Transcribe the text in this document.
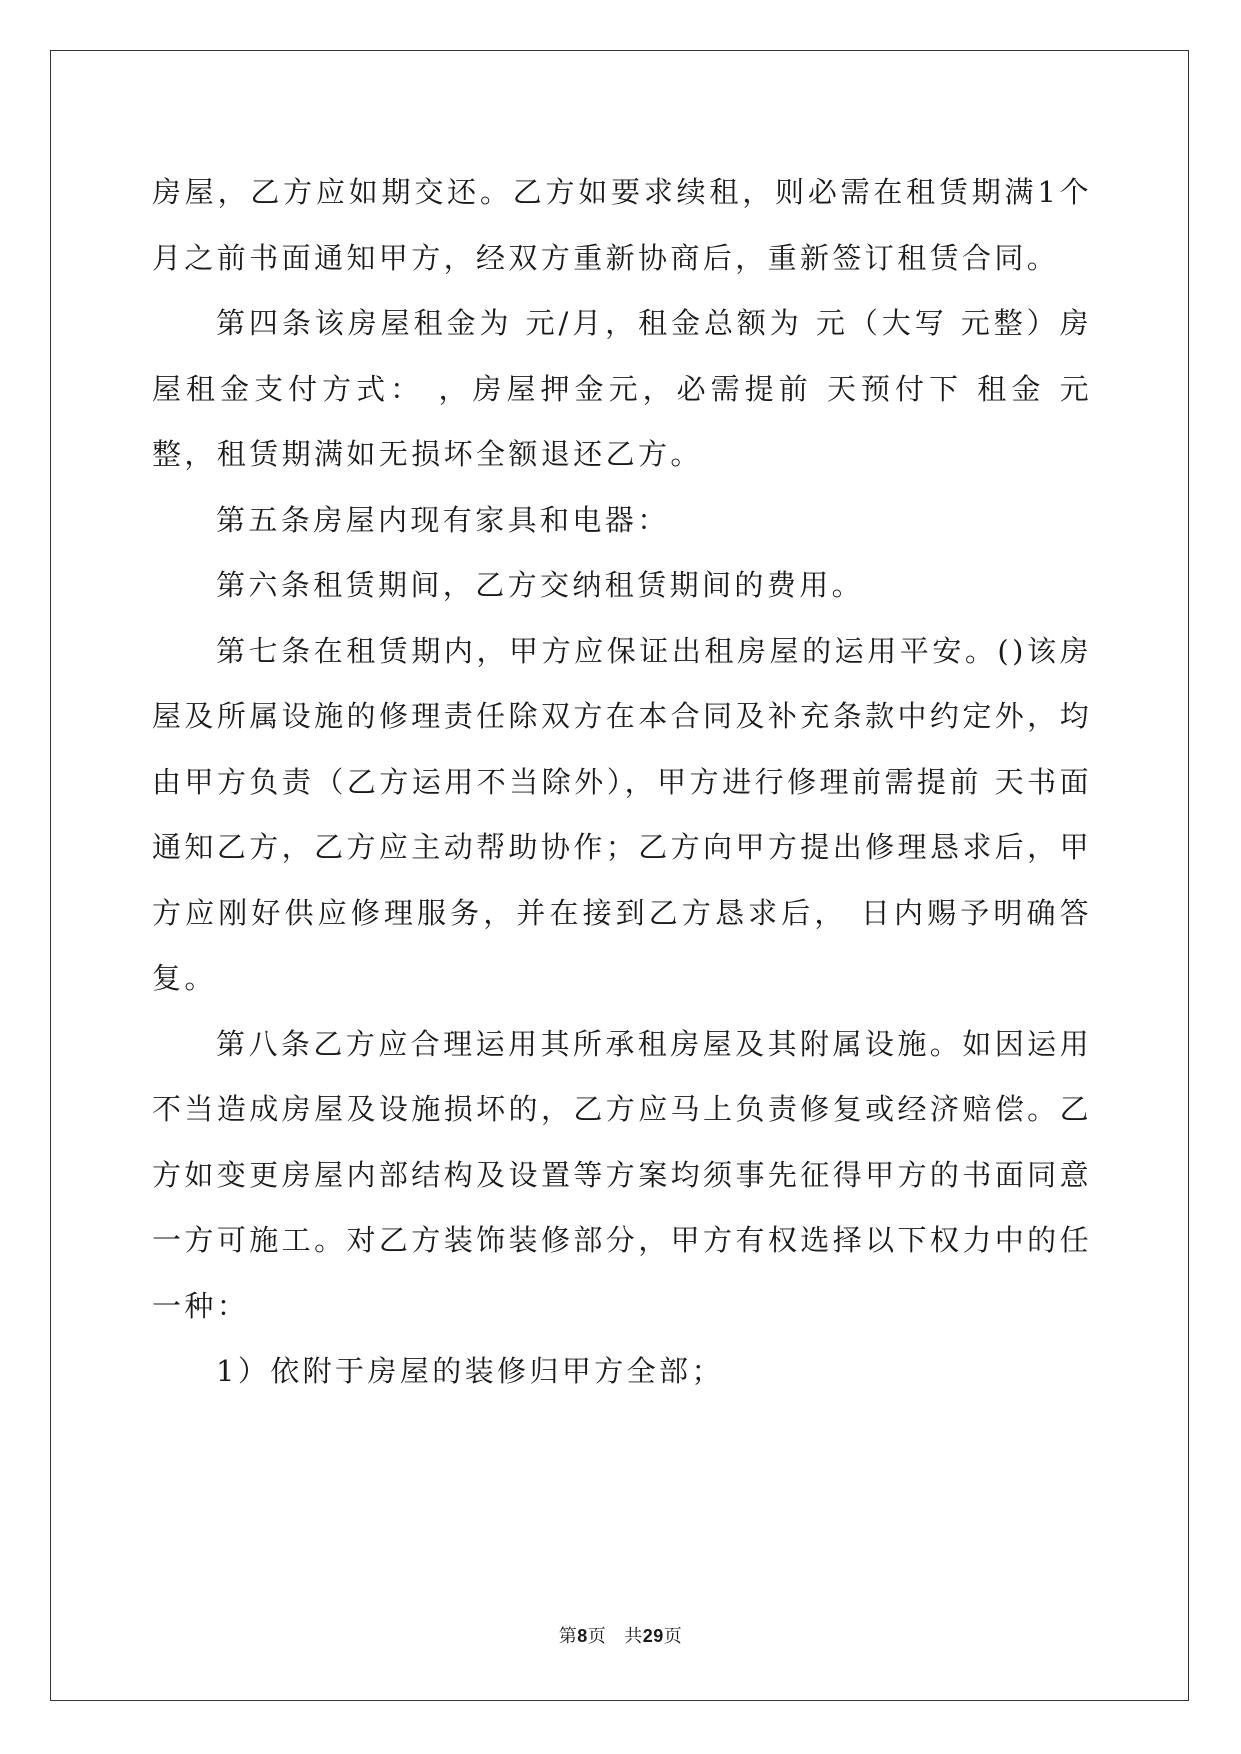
房屋，乙方应如期交还。乙方如要求续租，则必需在租赁期满1个月之前书面通知甲方，经双方重新协商后，重新签订租赁合同。

第四条该房屋租金为 元/月，租金总额为 元（大写 元整）房屋租金支付方式： ，房屋押金元，必需提前 天预付下 租金 元整，租赁期满如无损坏全额退还乙方。

第五条房屋内现有家具和电器：

第六条租赁期间，乙方交纳租赁期间的费用。

第七条在租赁期内，甲方应保证出租房屋的运用平安。()该房屋及所属设施的修理责任除双方在本合同及补充条款中约定外，均由甲方负责（乙方运用不当除外），甲方进行修理前需提前 天书面通知乙方，乙方应主动帮助协作；乙方向甲方提出修理恳求后，甲方应刚好供应修理服务，并在接到乙方恳求后， 日内赐予明确答复。

第八条乙方应合理运用其所承租房屋及其附属设施。如因运用不当造成房屋及设施损坏的，乙方应马上负责修复或经济赔偿。乙方如变更房屋内部结构及设置等方案均须事先征得甲方的书面同意一方可施工。对乙方装饰装修部分，甲方有权选择以下权力中的任一种：

1）依附于房屋的装修归甲方全部；

第8页 共29页
